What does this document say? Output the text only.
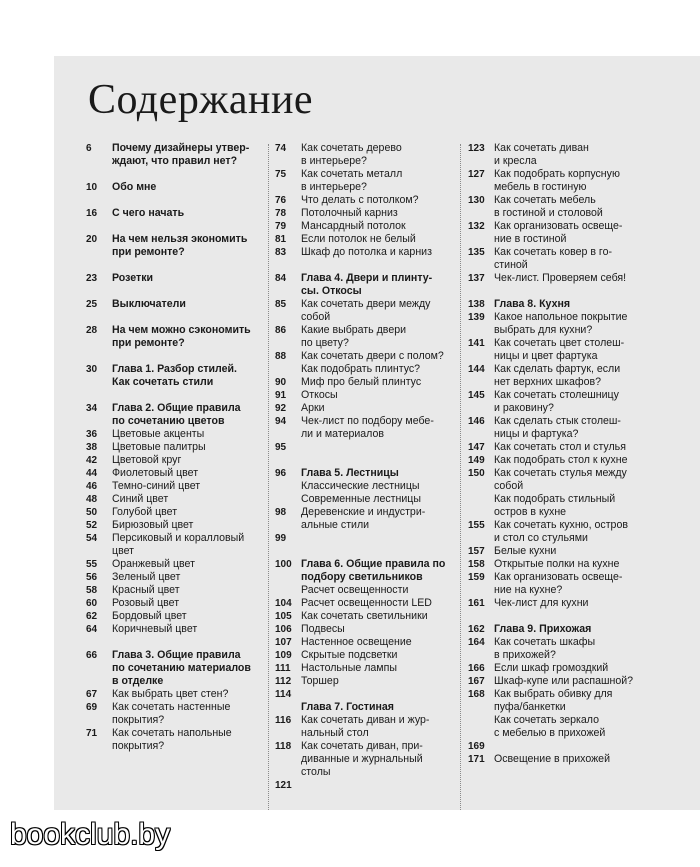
Содержание
6	Почему дизайнеры утвер-
ждают, что правил нет?
10	Обо мне
16	С чего начать
20	На чем нельзя экономить
при ремонте?
23	Розетки
25	Выключатели
28	На чем можно сэкономить
при ремонте?
30	Глава 1. Разбор стилей.
Как сочетать стили
34	Глава 2. Общие правила
по сочетанию цветов
36	Цветовые акценты
38	Цветовые палитры
42	Цветовой круг
44	Фиолетовый цвет
46	Темно-синий цвет
48	Синий цвет
50	Голубой цвет
52	Бирюзовый цвет
54	Персиковый и коралловый
цвет
55	Оранжевый цвет
56	Зеленый цвет
58	Красный цвет
60	Розовый цвет
62	Бордовый цвет
64	Коричневый цвет
66	Глава 3. Общие правила
по сочетанию материалов
в отделке
67	Как выбрать цвет стен?
69	Как сочетать настенные
покрытия?
71	Как сочетать напольные
покрытия?
74	Как сочетать дерево
в интерьере?
75	Как сочетать металл
в интерьере?
76	Что делать с потолком?
78	Потолочный карниз
79	Мансардный потолок
81	Если потолок не белый
83	Шкаф до потолка и карниз
84	Глава 4. Двери и плинту-
сы. Откосы
85	Как сочетать двери между
собой
86	Какие выбрать двери
по цвету?
88	Как сочетать двери с полом?
Как подобрать плинтус?
90	Миф про белый плинтус
91	Откосы
92	Арки
94	Чек-лист по подбору мебе-
ли и материалов
95

96	Глава 5. Лестницы
Классические лестницы
Современные лестницы
98	Деревенские и индустри-
альные стили
99

100 Глава 6. Общие правила по
подбору светильников
Расчет освещенности
104 Расчет освещенности LED
105 Как сочетать светильники
106 Подвесы
107 Настенное освещение
109 Скрытые подсветки
111 Настольные лампы
112 Торшер
114

Глава 7. Гостиная
116 Как сочетать диван и жур-
нальный стол
118 Как сочетать диван, при-
диванные и журнальный
столы
121

123 Как сочетать диван
и кресла
127 Как подобрать корпусную
мебель в гостиную
130 Как сочетать мебель
в гостиной и столовой
132 Как организовать освеще-
ние в гостиной
135 Как сочетать ковер в го-
стиной
137 Чек-лист. Проверяем себя!
138 Глава 8. Кухня
139 Какое напольное покрытие
выбрать для кухни?
141 Как сочетать цвет столеш-
ницы и цвет фартука
144 Как сделать фартук, если
нет верхних шкафов?
145 Как сочетать столешницу
и раковину?
146 Как сделать стык столеш-
ницы и фартука?
147 Как сочетать стол и стулья
149 Как подобрать стол к кухне
150 Как сочетать стулья между
собой
Как подобрать стильный
остров в кухне
155 Как сочетать кухню, остров
и стол со стульями
157 Белые кухни
158 Открытые полки на кухне
159 Как организовать освеще-
ние на кухне?
161 Чек-лист для кухни
162 Глава 9. Прихожая
164 Как сочетать шкафы
в прихожей?
166 Если шкаф громоздкий
167 Шкаф-купе или распашной?
168 Как выбрать обивку для
пуфа/банкетки
Как сочетать зеркало
с мебелью в прихожей
169

171 Освещение в прихожей
bookclub.by
